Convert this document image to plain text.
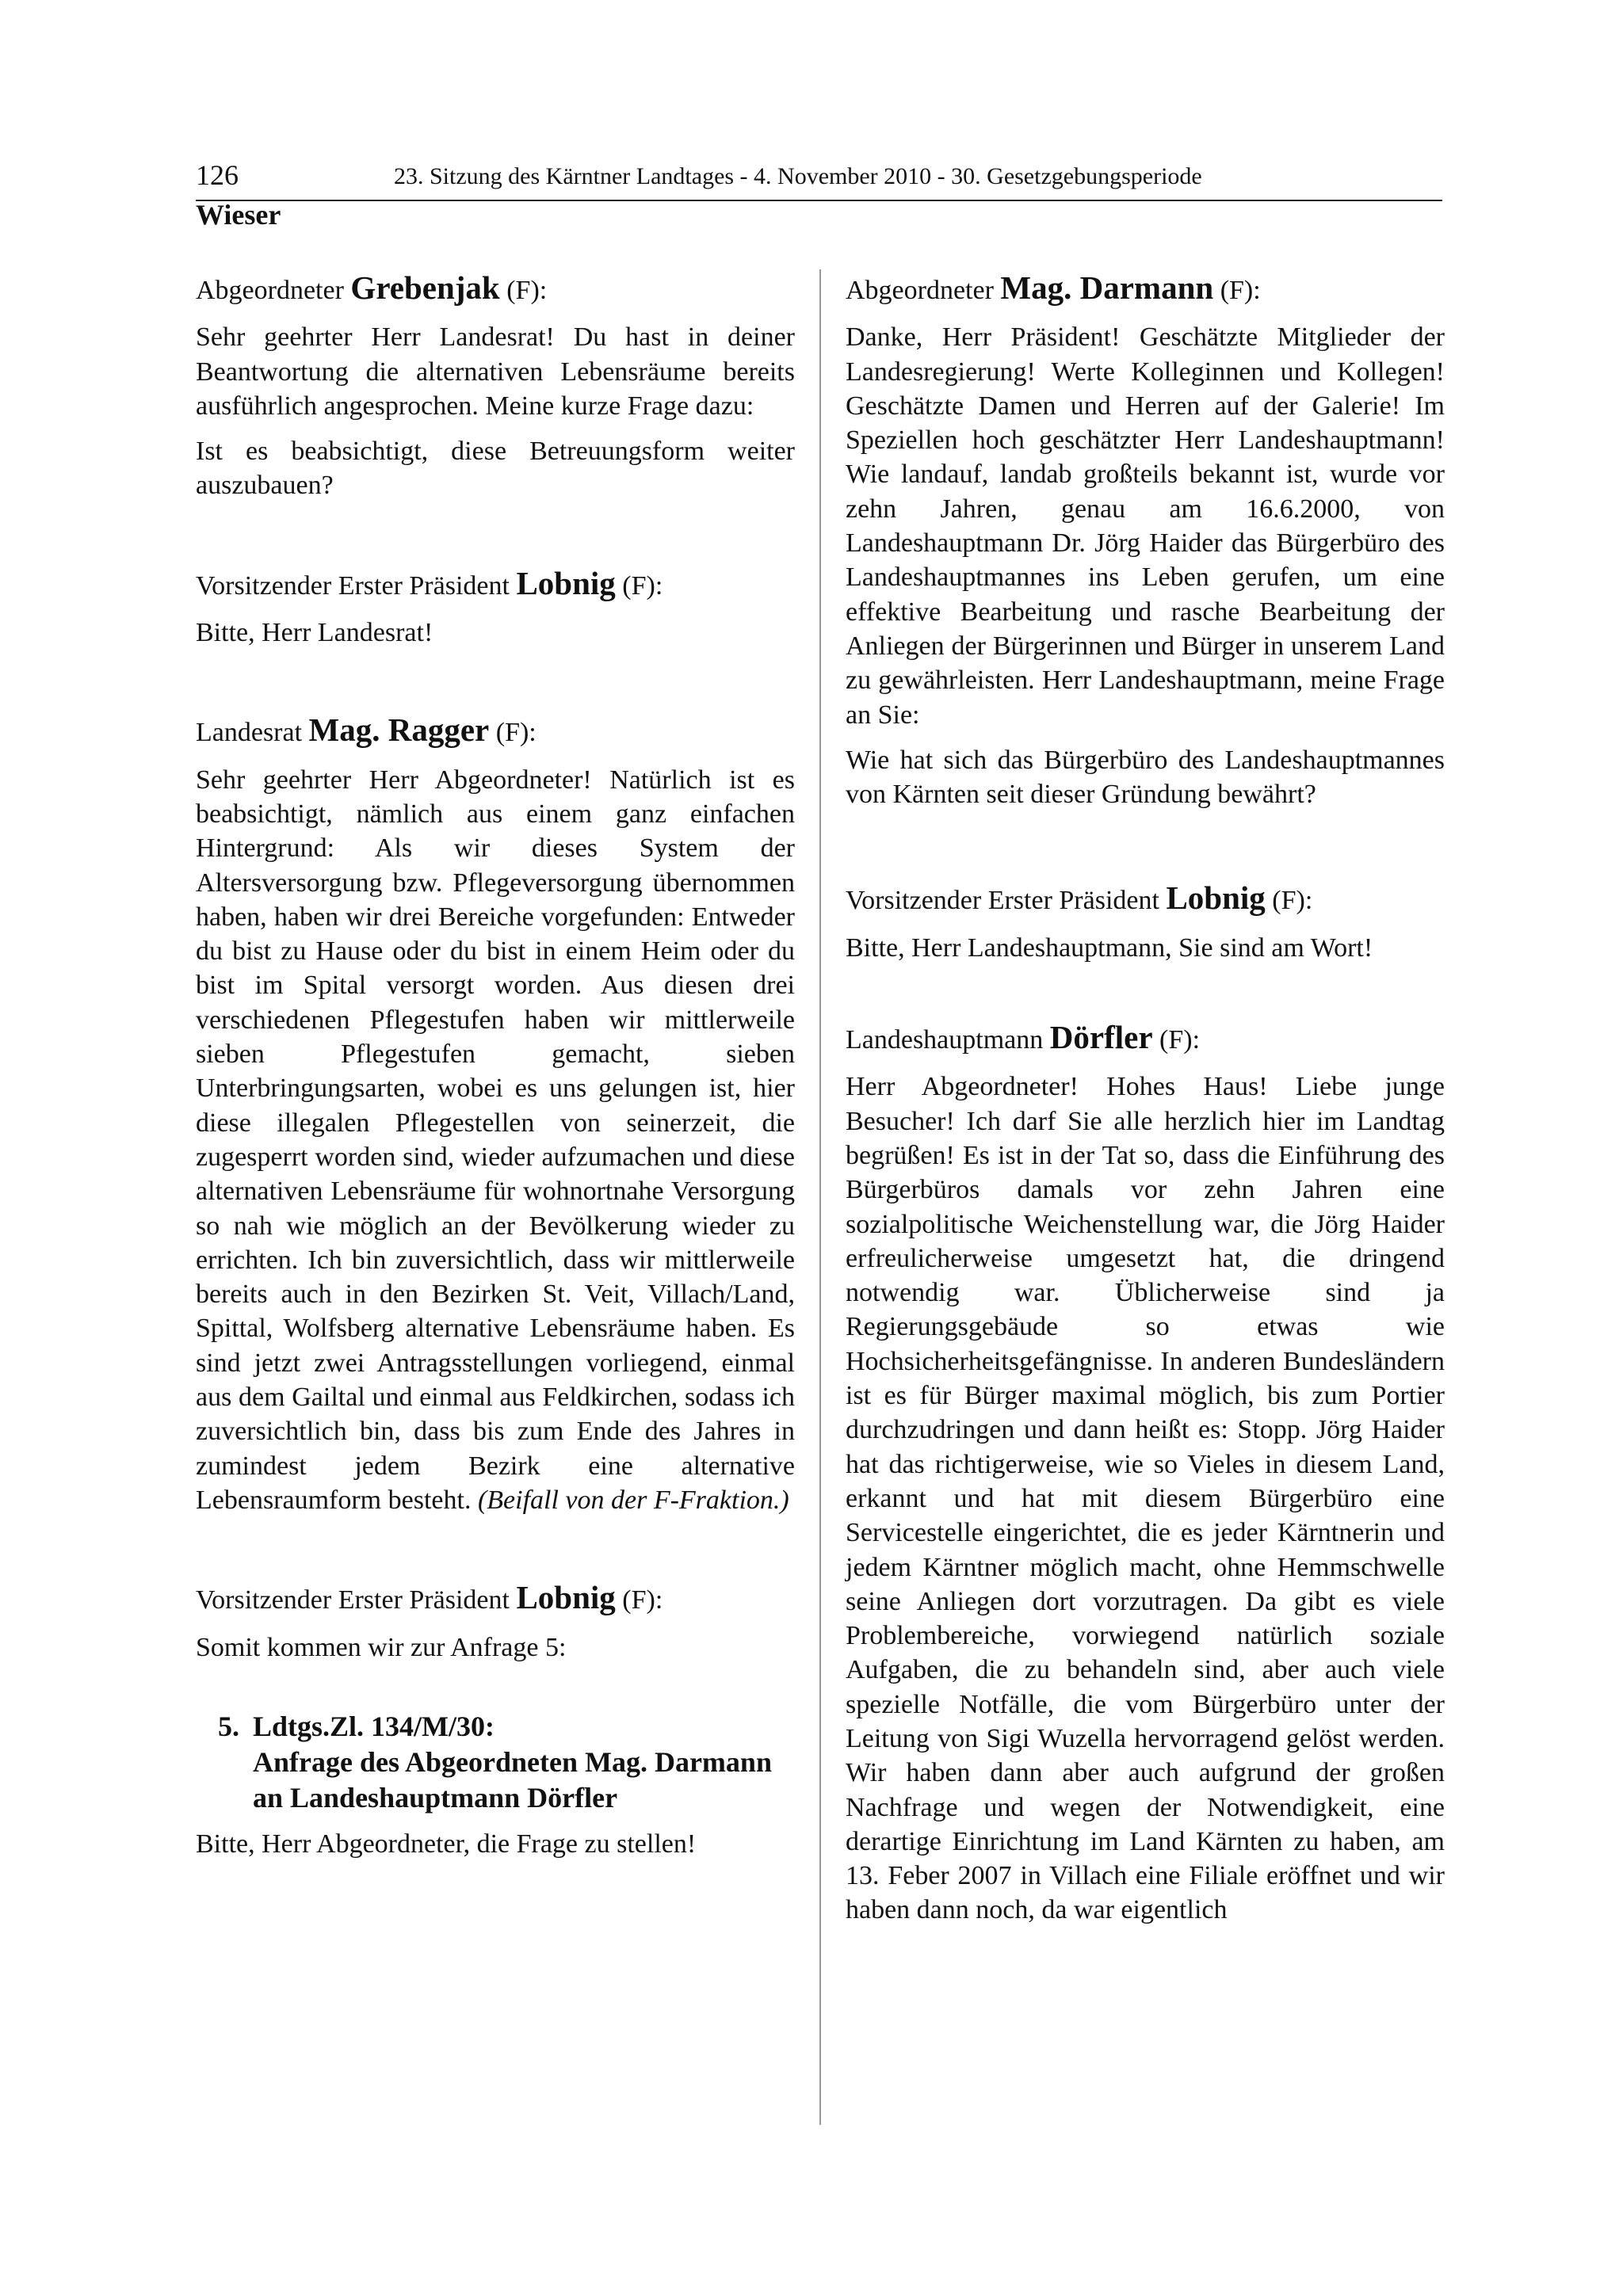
126	23. Sitzung des Kärntner Landtages - 4. November 2010 - 30. Gesetzgebungsperiode
Wieser

Abgeordneter Grebenjak (F):

Sehr geehrter Herr Landesrat! Du hast in deiner Beantwortung die alternativen Lebensräume bereits ausführlich angesprochen. Meine kurze Frage dazu:

Ist es beabsichtigt, diese Betreuungsform weiter auszubauen?

Vorsitzender Erster Präsident Lobnig (F):

Bitte, Herr Landesrat!

Landesrat Mag. Ragger (F):

Sehr geehrter Herr Abgeordneter! Natürlich ist es beabsichtigt, nämlich aus einem ganz einfachen Hintergrund: Als wir dieses System der Altersversorgung bzw. Pflegeversorgung übernommen haben, haben wir drei Bereiche vorgefunden: Entweder du bist zu Hause oder du bist in einem Heim oder du bist im Spital versorgt worden. Aus diesen drei verschiedenen Pflegestufen haben wir mittlerweile sieben Pflegestufen gemacht, sieben Unterbringungsarten, wobei es uns gelungen ist, hier diese illegalen Pflegestellen von seinerzeit, die zugesperrt worden sind, wieder aufzumachen und diese alternativen Lebensräume für wohnortnahe Versorgung so nah wie möglich an der Bevölkerung wieder zu errichten. Ich bin zuversichtlich, dass wir mittlerweile bereits auch in den Bezirken St. Veit, Villach/Land, Spittal, Wolfsberg alternative Lebensräume haben. Es sind jetzt zwei Antragsstellungen vorliegend, einmal aus dem Gailtal und einmal aus Feldkirchen, sodass ich zuversichtlich bin, dass bis zum Ende des Jahres in zumindest jedem Bezirk eine alternative Lebensraumform besteht. (Beifall von der F-Fraktion.)

Vorsitzender Erster Präsident Lobnig (F):

Somit kommen wir zur Anfrage 5:

5. Ldtgs.Zl. 134/M/30:
Anfrage des Abgeordneten Mag. Darmann an Landeshauptmann Dörfler

Bitte, Herr Abgeordneter, die Frage zu stellen!

Abgeordneter Mag. Darmann (F):

Danke, Herr Präsident! Geschätzte Mitglieder der Landesregierung! Werte Kolleginnen und Kollegen! Geschätzte Damen und Herren auf der Galerie! Im Speziellen hoch geschätzter Herr Landeshauptmann! Wie landauf, landab großteils bekannt ist, wurde vor zehn Jahren, genau am 16.6.2000, von Landeshauptmann Dr. Jörg Haider das Bürgerbüro des Landeshauptmannes ins Leben gerufen, um eine effektive Bearbeitung und rasche Bearbeitung der Anliegen der Bürgerinnen und Bürger in unserem Land zu gewährleisten. Herr Landeshauptmann, meine Frage an Sie:

Wie hat sich das Bürgerbüro des Landeshauptmannes von Kärnten seit dieser Gründung bewährt?

Vorsitzender Erster Präsident Lobnig (F):

Bitte, Herr Landeshauptmann, Sie sind am Wort!

Landeshauptmann Dörfler (F):

Herr Abgeordneter! Hohes Haus! Liebe junge Besucher! Ich darf Sie alle herzlich hier im Landtag begrüßen! Es ist in der Tat so, dass die Einführung des Bürgerbüros damals vor zehn Jahren eine sozialpolitische Weichenstellung war, die Jörg Haider erfreulicherweise umgesetzt hat, die dringend notwendig war. Üblicherweise sind ja Regierungsgebäude so etwas wie Hochsicherheitsgefängnisse. In anderen Bundesländern ist es für Bürger maximal möglich, bis zum Portier durchzudringen und dann heißt es: Stopp. Jörg Haider hat das richtigerweise, wie so Vieles in diesem Land, erkannt und hat mit diesem Bürgerbüro eine Servicestelle eingerichtet, die es jeder Kärntnerin und jedem Kärntner möglich macht, ohne Hemmschwelle seine Anliegen dort vorzutragen. Da gibt es viele Problembereiche, vorwiegend natürlich soziale Aufgaben, die zu behandeln sind, aber auch viele spezielle Notfälle, die vom Bürgerbüro unter der Leitung von Sigi Wuzella hervorragend gelöst werden. Wir haben dann aber auch aufgrund der großen Nachfrage und wegen der Notwendigkeit, eine derartige Einrichtung im Land Kärnten zu haben, am 13. Feber 2007 in Villach eine Filiale eröffnet und wir haben dann noch, da war eigentlich
